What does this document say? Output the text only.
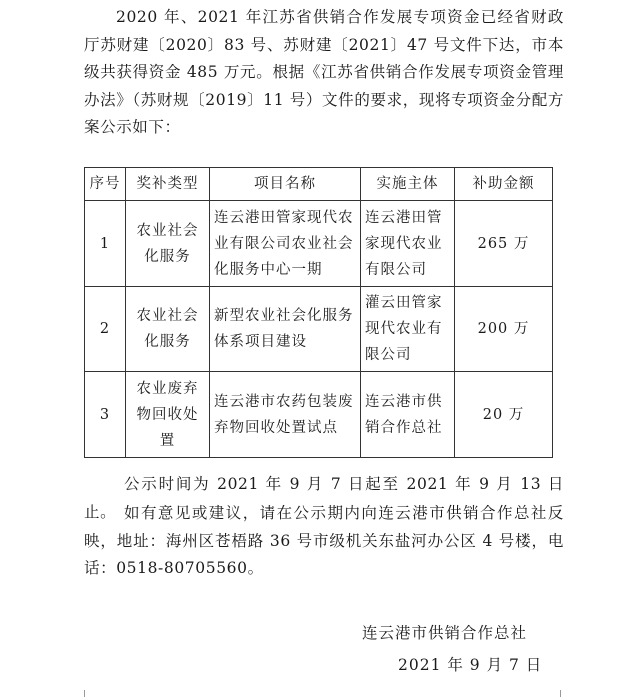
2020 年、2021 年江苏省供销合作发展专项资金已经省财政厅苏财建〔2020〕83 号、苏财建〔2021〕47 号文件下达，市本级共获得资金 485 万元。根据《江苏省供销合作发展专项资金管理办法》（苏财规〔2019〕11 号）文件的要求，现将专项资金分配方案公示如下：

序号	奖补类型	项目名称	实施主体	补助金额
1	农业社会化服务	连云港田管家现代农业有限公司农业社会化服务中心一期	连云港田管家现代农业有限公司	265 万
2	农业社会化服务	新型农业社会化服务体系项目建设	灌云田管家现代农业有限公司	200 万
3	农业废弃物回收处置	连云港市农药包装废弃物回收处置试点	连云港市供销合作总社	20 万

公示时间为 2021 年 9 月 7 日起至 2021 年 9 月 13 日止。 如有意见或建议，请在公示期内向连云港市供销合作总社反映，地址：海州区苍梧路 36 号市级机关东盐河办公区 4 号楼，电话：0518-80705560。

连云港市供销合作总社
2021 年 9 月 7 日
